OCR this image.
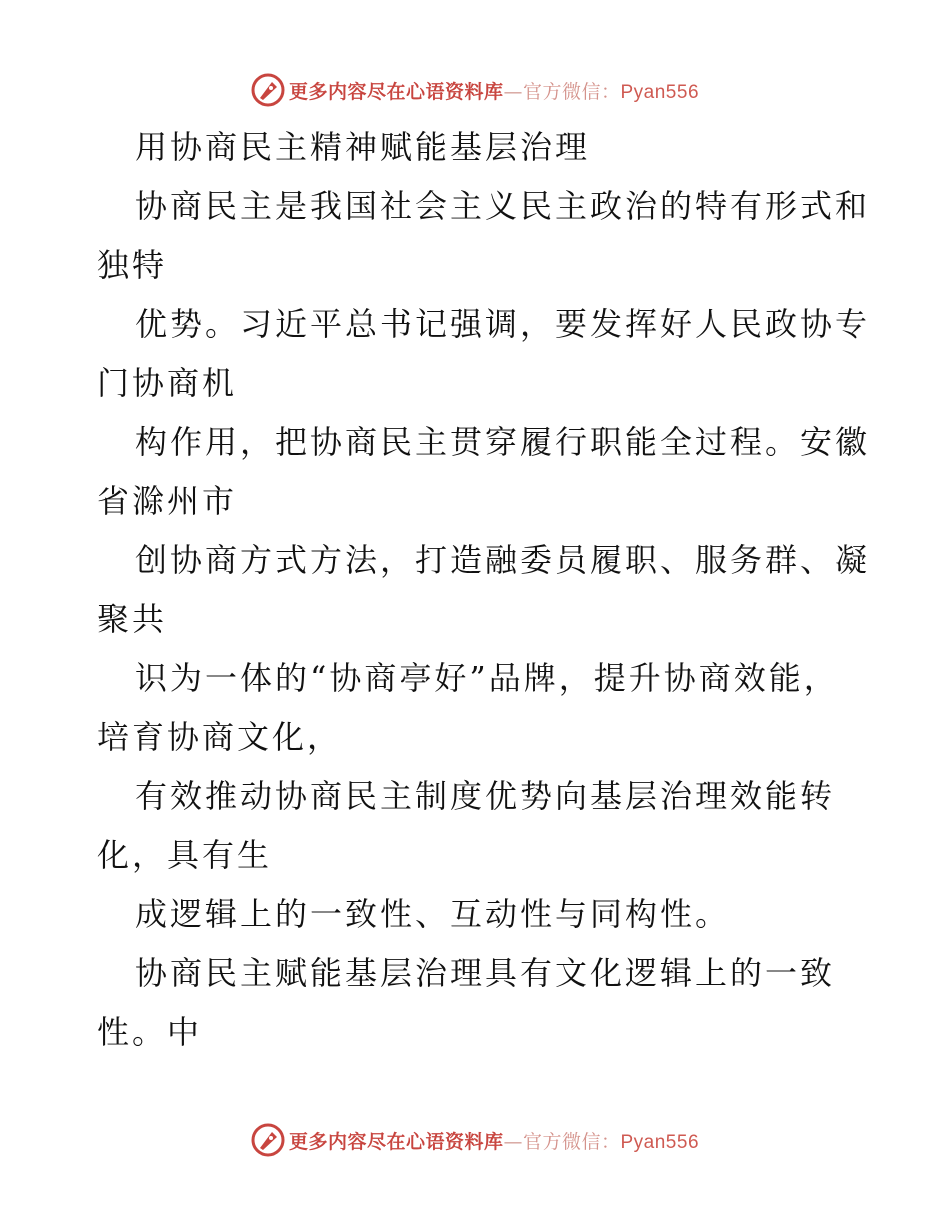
更多内容尽在心语资料库—官方微信：Pyan556
用协商民主精神赋能基层治理
协商民主是我国社会主义民主政治的特有形式和
独特
优势。习近平总书记强调，要发挥好人民政协专
门协商机
构作用，把协商民主贯穿履行职能全过程。安徽
省滁州市
创协商方式方法，打造融委员履职、服务群、凝
聚共
识为一体的“协商亭好”品牌，提升协商效能，
培育协商文化，
有效推动协商民主制度优势向基层治理效能转
化，具有生
成逻辑上的一致性、互动性与同构性。
协商民主赋能基层治理具有文化逻辑上的一致
性。中
更多内容尽在心语资料库—官方微信：Pyan556
